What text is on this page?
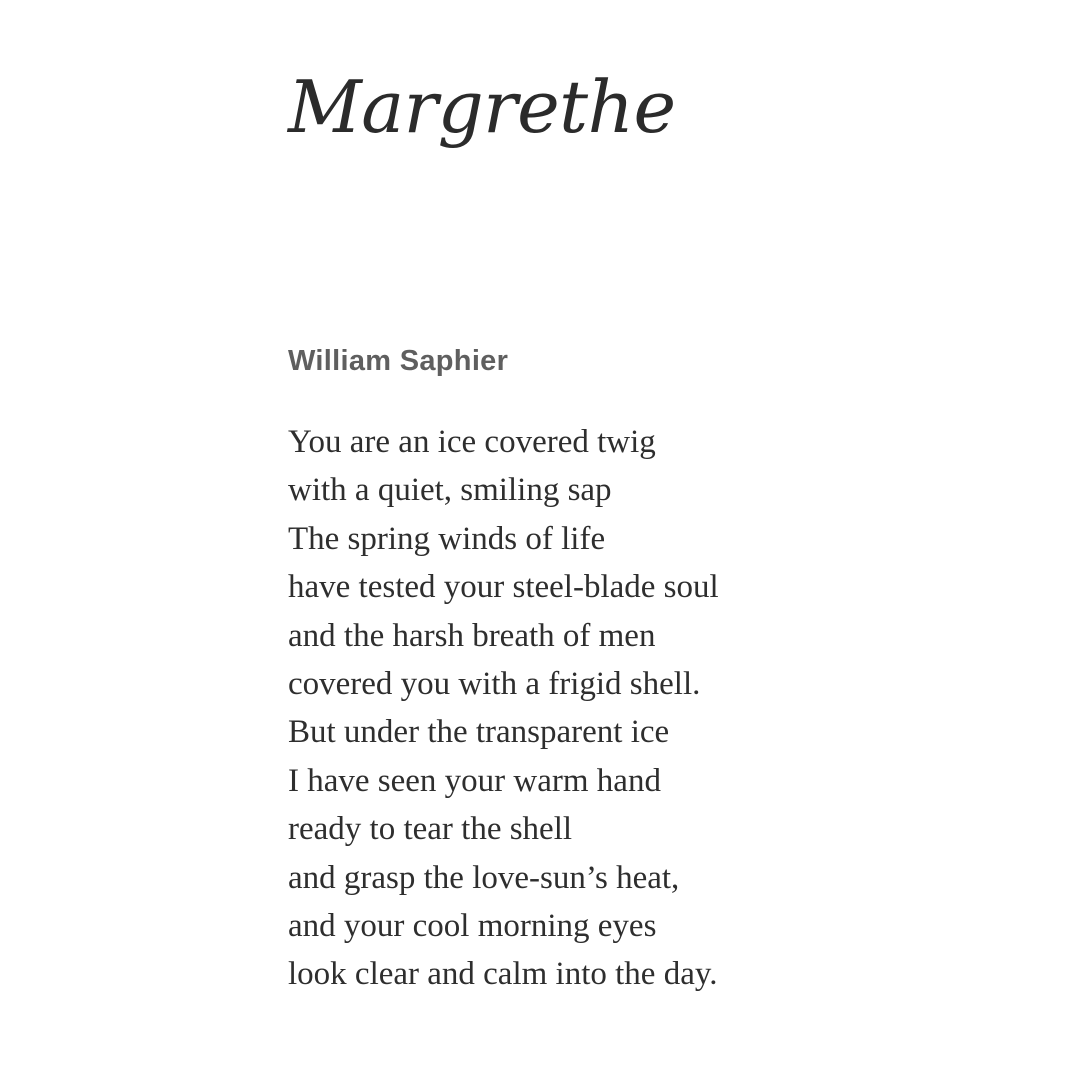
Margrethe
William Saphier
You are an ice covered twig
with a quiet, smiling sap
The spring winds of life
have tested your steel-blade soul
and the harsh breath of men
covered you with a frigid shell.
But under the transparent ice
I have seen your warm hand
ready to tear the shell
and grasp the love-sun’s heat,
and your cool morning eyes
look clear and calm into the day.
